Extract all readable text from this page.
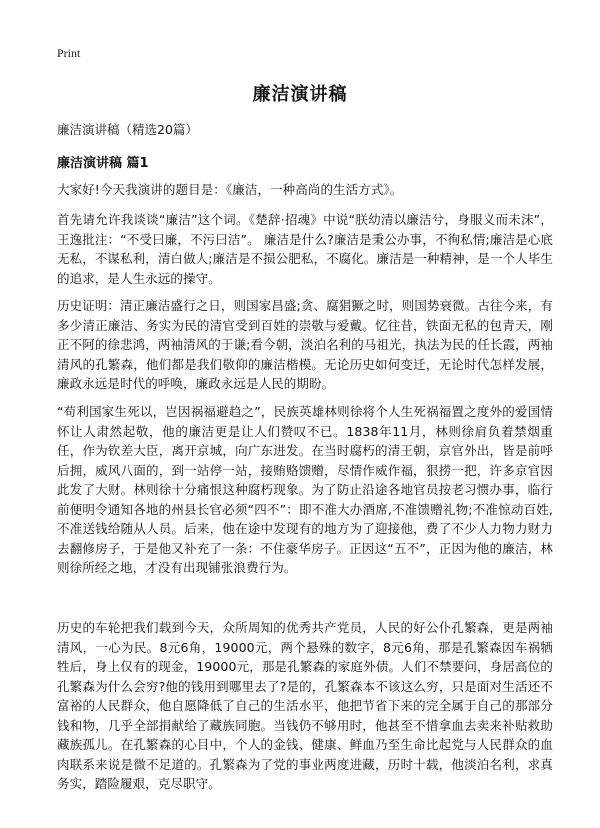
Print
廉洁演讲稿
廉洁演讲稿（精选20篇）
廉洁演讲稿 篇1

大家好!今天我演讲的题目是：《廉洁，一种高尚的生活方式》。

首先请允许我谈谈“廉洁”这个词。《楚辞·招魂》中说“朕幼清以廉洁兮，身服义而未沫”，王逸批注：“不受曰廉，不污曰洁”。 廉洁是什么?廉洁是秉公办事，不徇私情;廉洁是心底无私，不谋私利，清白做人;廉洁是不损公肥私，不腐化。廉洁是一种精神，是一个人毕生的追求，是人生永远的操守。

历史证明：清正廉洁盛行之日，则国家昌盛;贪、腐猖獗之时，则国势衰微。古往今来，有多少清正廉洁、务实为民的清官受到百姓的崇敬与爱戴。忆往昔，铁面无私的包青天，刚正不阿的徐悲鸿，两袖清风的于谦;看今朝，淡泊名利的马祖光，执法为民的任长霞，两袖清风的孔繁森，他们都是我们敬仰的廉洁楷模。无论历史如何变迁，无论时代怎样发展，廉政永远是时代的呼唤，廉政永远是人民的期盼。

“苟利国家生死以，岂因祸福避趋之”，民族英雄林则徐将个人生死祸福置之度外的爱国情怀让人肃然起敬，他的廉洁更是让人们赞叹不已。1838年11月，林则徐肩负着禁烟重任，作为钦差大臣，离开京城，向广东进发。在当时腐朽的清王朝，京官外出，皆是前呼后拥，威风八面的，到一站停一站，接贿赂馈赠，尽情作威作福，狠捞一把，许多京官因此发了大财。林则徐十分痛恨这种腐朽现象。为了防止沿途各地官员按老习惯办事，临行前便明令通知各地的州县长官必须“四不”：即不准大办酒席,不准馈赠礼物;不准惊动百姓,不准送钱给随从人员。后来，他在途中发现有的地方为了迎接他，费了不少人力物力财力去翻修房子，于是他又补充了一条：不住豪华房子。正因这“五不”，正因为他的廉洁，林则徐所经之地，才没有出现铺张浪费行为。

历史的车轮把我们载到今天，众所周知的优秀共产党员，人民的好公仆孔繁森，更是两袖清风，一心为民。8元6角，19000元，两个悬殊的数字，8元6角，那是孔繁森因车祸牺牲后，身上仅有的现金，19000元，那是孔繁森的家庭外债。人们不禁要问，身居高位的孔繁森为什么会穷?他的钱用到哪里去了?是的，孔繁森本不该这么穷，只是面对生活还不富裕的人民群众，他自愿降低了自己的生活水平，他把节省下来的完全属于自己的那部分钱和物，几乎全部捐献给了藏族同胞。当钱仍不够用时，他甚至不惜拿血去卖来补贴救助藏族孤儿。在孔繁森的心目中，个人的金钱、健康、鲜血乃至生命比起党与人民群众的血肉联系来说是微不足道的。孔繁森为了党的事业两度进藏，历时十载，他淡泊名利，求真务实，踏险履艰，克尽职守。
